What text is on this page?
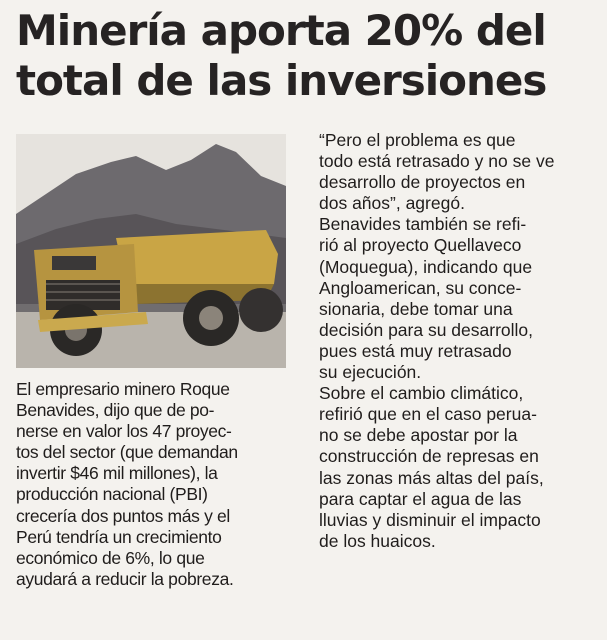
Minería aporta 20% del
total de las inversiones
El empresario minero Roque
Benavides, dijo que de po-
nerse en valor los 47 proyec-
tos del sector (que demandan
invertir $46 mil millones), la
producción nacional (PBI)
crecería dos puntos más y el
Perú tendría un crecimiento
económico de 6%, lo que
ayudará a reducir la pobreza.
“Pero el problema es que
todo está retrasado y no se ve
desarrollo de proyectos en
dos años”, agregó.
Benavides también se refi-
rió al proyecto Quellaveco
(Moquegua), indicando que
Angloamerican, su conce-
sionaria, debe tomar una
decisión para su desarrollo,
pues está muy retrasado
su ejecución.
Sobre el cambio climático,
refirió que en el caso perua-
no se debe apostar por la
construcción de represas en
las zonas más altas del país,
para captar el agua de las
lluvias y disminuir el impacto
de los huaicos.
